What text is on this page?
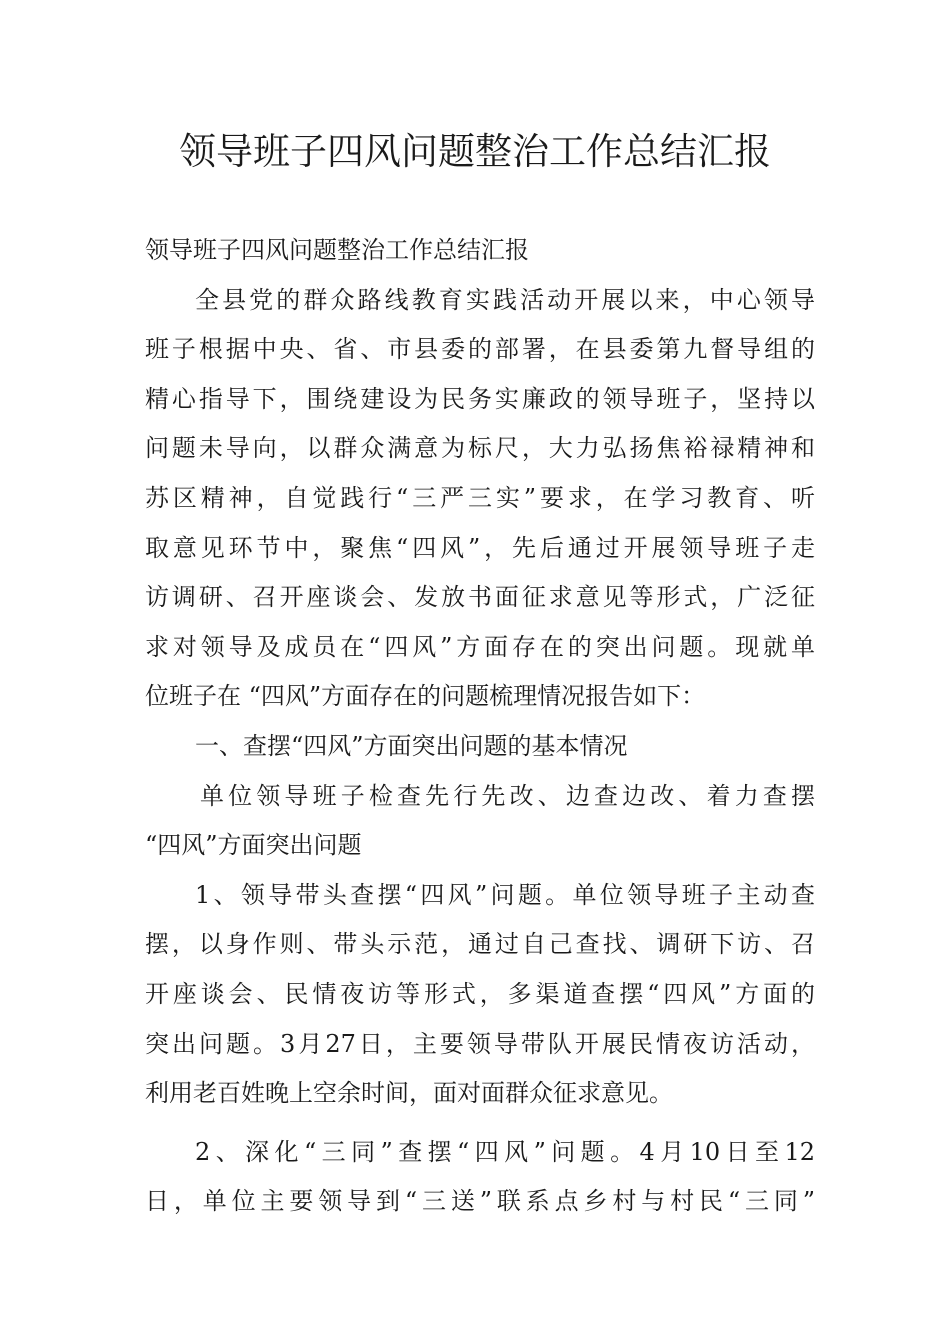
领导班子四风问题整治工作总结汇报
领导班子四风问题整治工作总结汇报
全县党的群众路线教育实践活动开展以来，中心领导
班子根据中央、省、市县委的部署，在县委第九督导组的
精心指导下，围绕建设为民务实廉政的领导班子，坚持以
问题未导向，以群众满意为标尺，大力弘扬焦裕禄精神和
苏区精神，自觉践行“三严三实”要求，在学习教育、听
取意见环节中，聚焦“四风”，先后通过开展领导班子走
访调研、召开座谈会、发放书面征求意见等形式，广泛征
求对领导及成员在“四风”方面存在的突出问题。现就单
位班子在 “四风”方面存在的问题梳理情况报告如下：
一、查摆“四风”方面突出问题的基本情况
单位领导班子检查先行先改、边查边改、着力查摆
“四风”方面突出问题
1、领导带头查摆“四风”问题。单位领导班子主动查
摆，以身作则、带头示范，通过自己查找、调研下访、召
开座谈会、民情夜访等形式，多渠道查摆“四风”方面的
突出问题。3月27日，主要领导带队开展民情夜访活动，
利用老百姓晚上空余时间，面对面群众征求意见。
2、深化“三同”查摆“四风”问题。4月10日至12
日，单位主要领导到“三送”联系点乡村与村民“三同”
